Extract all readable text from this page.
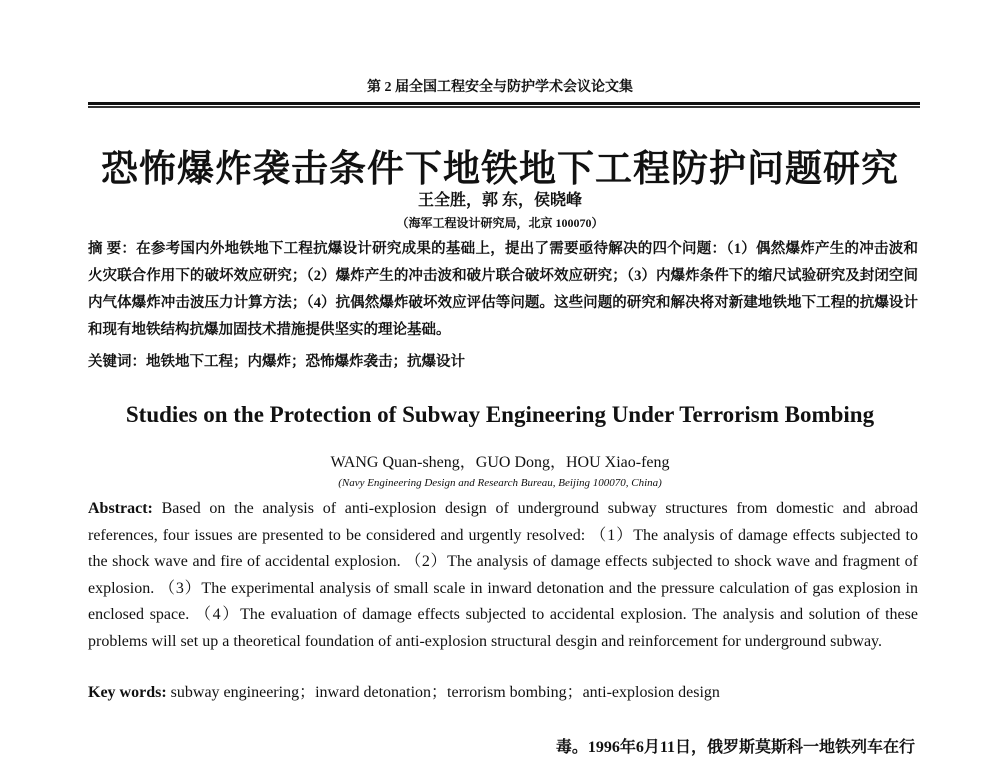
第 2 届全国工程安全与防护学术会议论文集
恐怖爆炸袭击条件下地铁地下工程防护问题研究
王全胜，郭 东，侯晓峰
（海军工程设计研究局，北京 100070）
摘 要：在参考国内外地铁地下工程抗爆设计研究成果的基础上，提出了需要亟待解决的四个问题：（1）偶然爆炸产生的冲击波和火灾联合作用下的破坏效应研究；（2）爆炸产生的冲击波和破片联合破坏效应研究；（3）内爆炸条件下的缩尺试验研究及封闭空间内气体爆炸冲击波压力计算方法；（4）抗偶然爆炸破坏效应评估等问题。这些问题的研究和解决将对新建地铁地下工程的抗爆设计和现有地铁结构抗爆加固技术措施提供坚实的理论基础。
关键词：地铁地下工程；内爆炸；恐怖爆炸袭击；抗爆设计
Studies on the Protection of Subway Engineering Under Terrorism Bombing
WANG Quan-sheng，GUO Dong，HOU Xiao-feng
(Navy Engineering Design and Research Bureau, Beijing 100070, China)
Abstract: Based on the analysis of anti-explosion design of underground subway structures from domestic and abroad references, four issues are presented to be considered and urgently resolved: （1）The analysis of damage effects subjected to the shock wave and fire of accidental explosion. （2）The analysis of damage effects subjected to shock wave and fragment of explosion. （3）The experimental analysis of small scale in inward detonation and the pressure calculation of gas explosion in enclosed space. （4）The evaluation of damage effects subjected to accidental explosion. The analysis and solution of these problems will set up a theoretical foundation of anti-explosion structural desgin and reinforcement for underground subway.
Key words: subway engineering；inward detonation；terrorism bombing；anti-explosion design
毒。1996年6月11日，俄罗斯莫斯科一地铁列车在行
